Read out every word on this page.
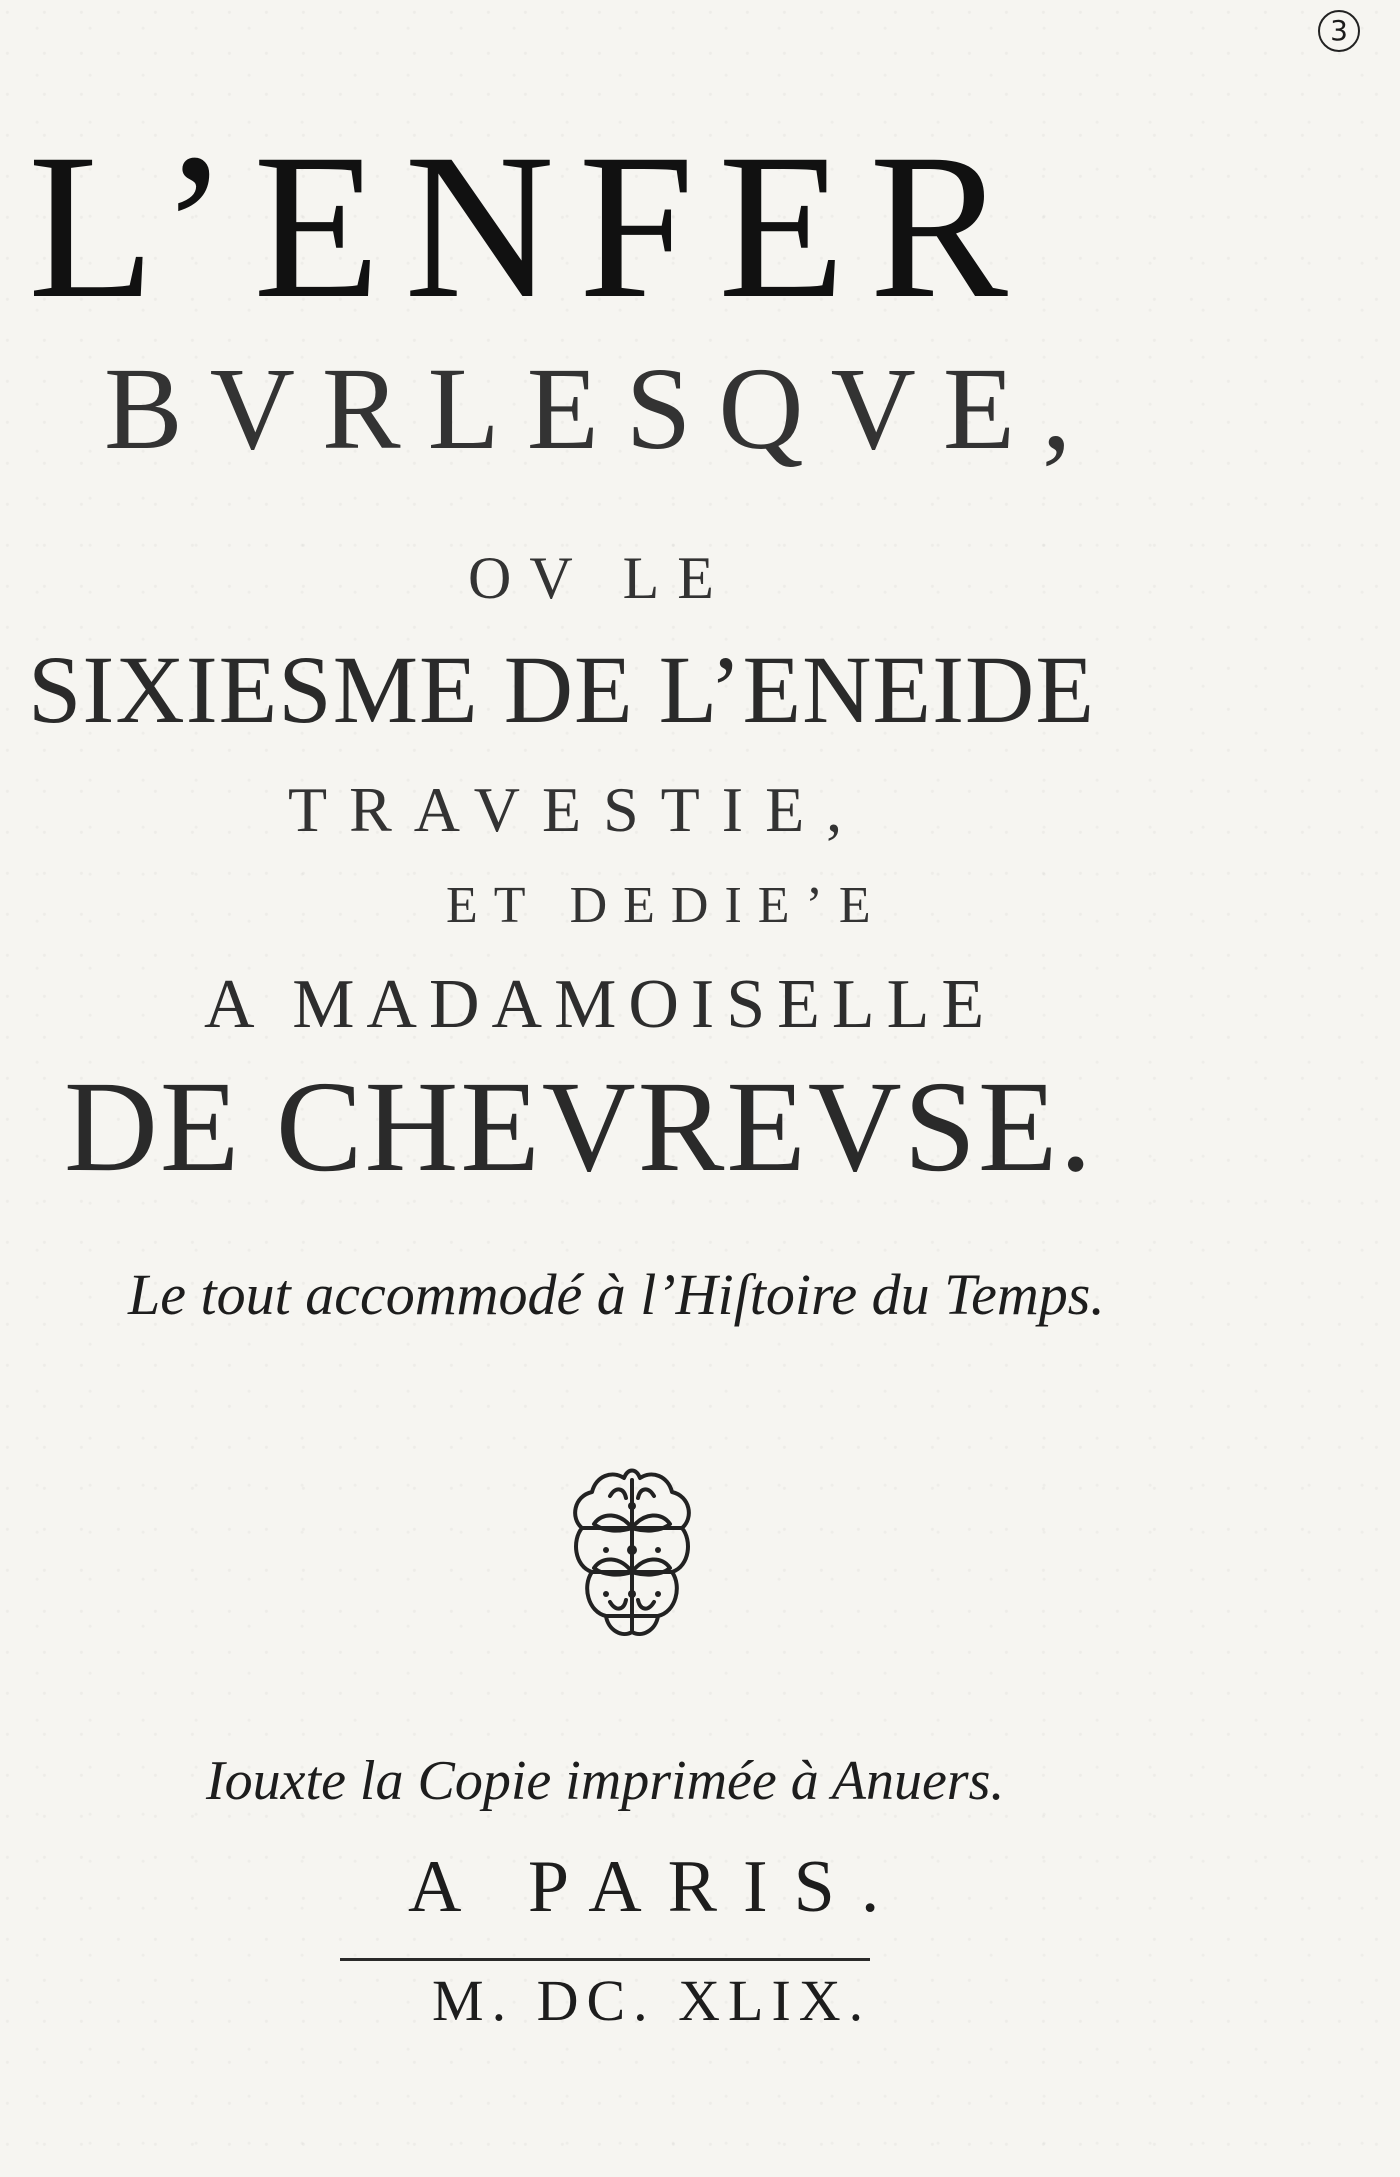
3
L’ENFER
BVRLESQVE,
OV LE
SIXIESME DE L’ENEIDE
TRAVESTIE,
ET DEDIE’E
A MADAMOISELLE
DE CHEVREVSE.
Le tout accommodé à l’Hiſtoire du Temps.
Iouxte la Copie imprimée à Anuers.
A PARIS.
M. DC. XLIX.
